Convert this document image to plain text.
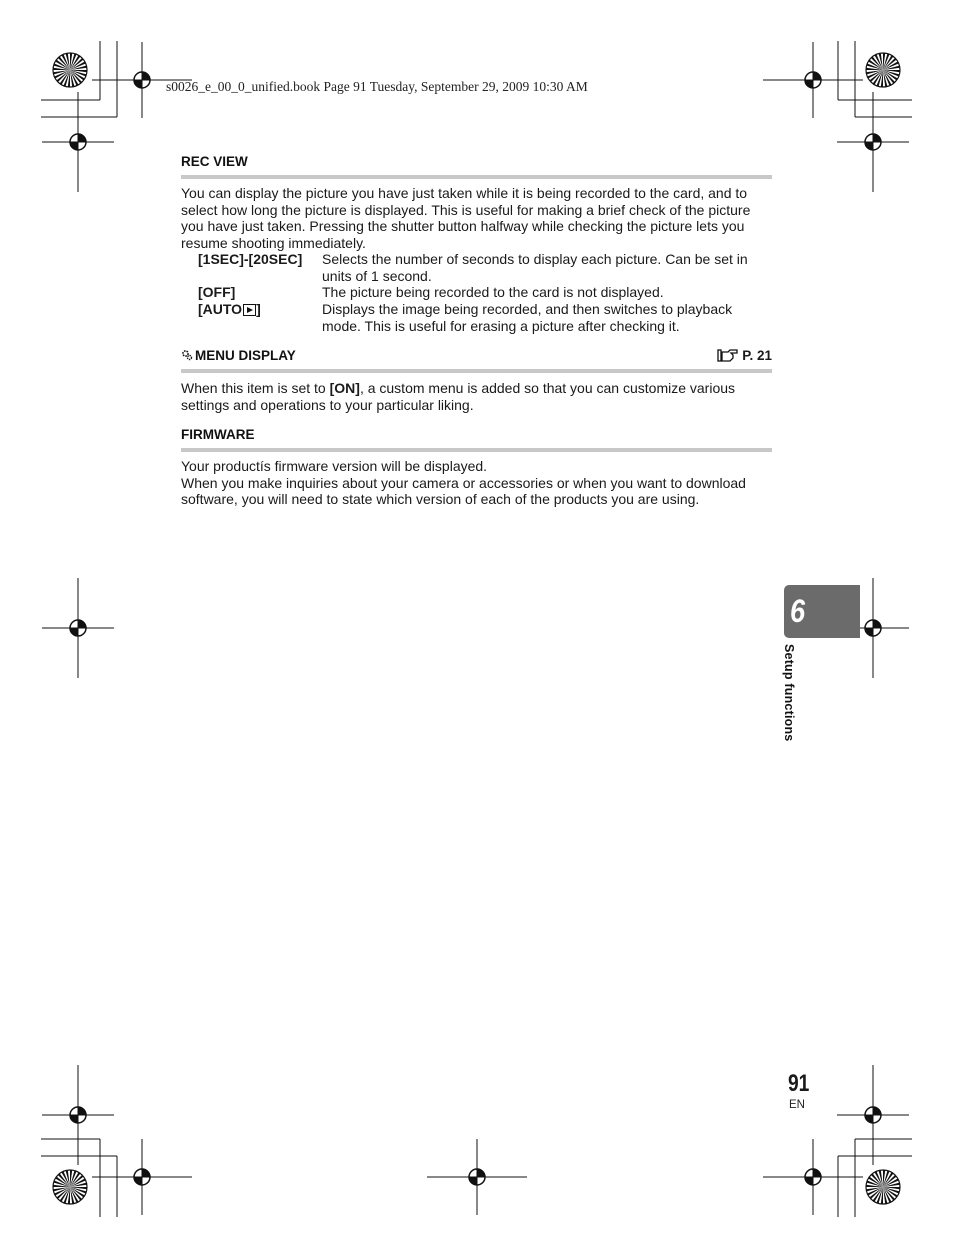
s0026_e_00_0_unified.book Page 91 Tuesday, September 29, 2009 10:30 AM
REC VIEW
You can display the picture you have just taken while it is being recorded to the card, and to
select how long the picture is displayed. This is useful for making a brief check of the picture
you have just taken. Pressing the shutter button halfway while checking the picture lets you
resume shooting immediately.
[1SEC]-[20SEC]	Selects the number of seconds to display each picture. Can be set in
units of 1 second.
[OFF]	The picture being recorded to the card is not displayed.
[AUTO ]	Displays the image being recorded, and then switches to playback
mode. This is useful for erasing a picture after checking it.
MENU DISPLAY	P. 21
When this item is set to [ON], a custom menu is added so that you can customize various
settings and operations to your particular liking.
FIRMWARE
Your productís firmware version will be displayed.
When you make inquiries about your camera or accessories or when you want to download
software, you will need to state which version of each of the products you are using.
6
Setup functions
91
EN
